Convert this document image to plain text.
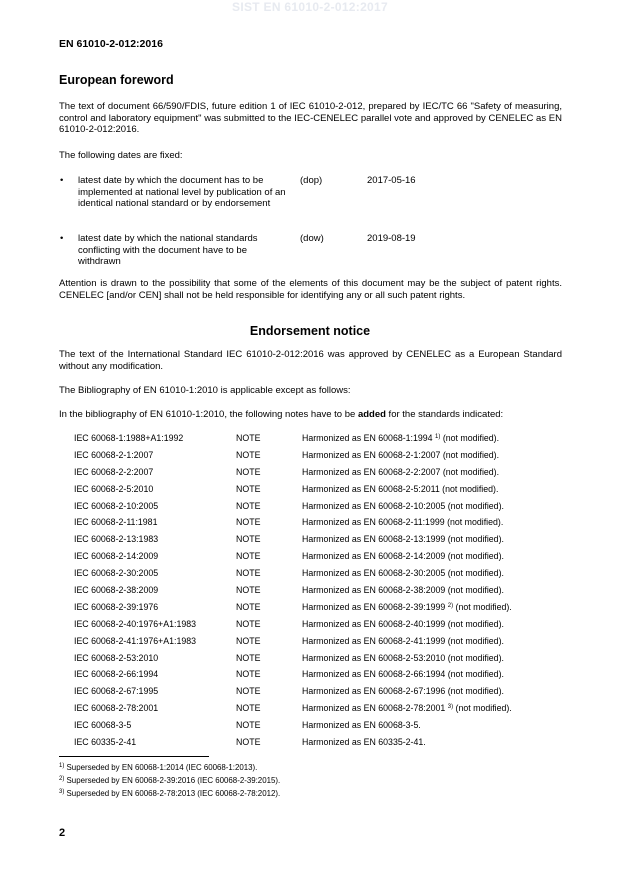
SIST EN 61010-2-012:2017
EN 61010-2-012:2016
European foreword

The text of document 66/590/FDIS, future edition 1 of IEC 61010-2-012, prepared by IEC/TC 66 "Safety of measuring, control and laboratory equipment" was submitted to the IEC-CENELEC parallel vote and approved by CENELEC as EN 61010-2-012:2016.

The following dates are fixed:

• latest date by which the document has to be implemented at national level by publication of an identical national standard or by endorsement
(dop)	2017-05-16
• latest date by which the national standards conflicting with the document have to be withdrawn
(dow)	2019-08-19

Attention is drawn to the possibility that some of the elements of this document may be the subject of patent rights. CENELEC [and/or CEN] shall not be held responsible for identifying any or all such patent rights.

Endorsement notice

The text of the International Standard IEC 61010-2-012:2016 was approved by CENELEC as a European Standard without any modification.

The Bibliography of EN 61010-1:2010 is applicable except as follows:

In the bibliography of EN 61010-1:2010, the following notes have to be added for the standards indicated:

IEC 60068-1:1988+A1:1992	NOTE	Harmonized as EN 60068-1:1994 $^{1)}$ (not modified).
IEC 60068-2-1:2007	NOTE	Harmonized as EN 60068-2-1:2007 (not modified).
IEC 60068-2-2:2007	NOTE	Harmonized as EN 60068-2-2:2007 (not modified).
IEC 60068-2-5:2010	NOTE	Harmonized as EN 60068-2-5:2011 (not modified).
IEC 60068-2-10:2005	NOTE	Harmonized as EN 60068-2-10:2005 (not modified).
IEC 60068-2-11:1981	NOTE	Harmonized as EN 60068-2-11:1999 (not modified).
IEC 60068-2-13:1983	NOTE	Harmonized as EN 60068-2-13:1999 (not modified).
IEC 60068-2-14:2009	NOTE	Harmonized as EN 60068-2-14:2009 (not modified).
IEC 60068-2-30:2005	NOTE	Harmonized as EN 60068-2-30:2005 (not modified).
IEC 60068-2-38:2009	NOTE	Harmonized as EN 60068-2-38:2009 (not modified).
IEC 60068-2-39:1976	NOTE	Harmonized as EN 60068-2-39:1999 $^{2)}$ (not modified).
IEC 60068-2-40:1976+A1:1983	NOTE	Harmonized as EN 60068-2-40:1999 (not modified).
IEC 60068-2-41:1976+A1:1983	NOTE	Harmonized as EN 60068-2-41:1999 (not modified).
IEC 60068-2-53:2010	NOTE	Harmonized as EN 60068-2-53:2010 (not modified).
IEC 60068-2-66:1994	NOTE	Harmonized as EN 60068-2-66:1994 (not modified).
IEC 60068-2-67:1995	NOTE	Harmonized as EN 60068-2-67:1996 (not modified).
IEC 60068-2-78:2001	NOTE	Harmonized as EN 60068-2-78:2001 $^{3)}$ (not modified).
IEC 60068-3-5	NOTE	Harmonized as EN 60068-3-5.
IEC 60335-2-41	NOTE	Harmonized as EN 60335-2-41.
$^{1)}$ Superseded by EN 60068-1:2014 (IEC 60068-1:2013).
$^{2)}$ Superseded by EN 60068-2-39:2016 (IEC 60068-2-39:2015).
$^{3)}$ Superseded by EN 60068-2-78:2013 (IEC 60068-2-78:2012).
2
